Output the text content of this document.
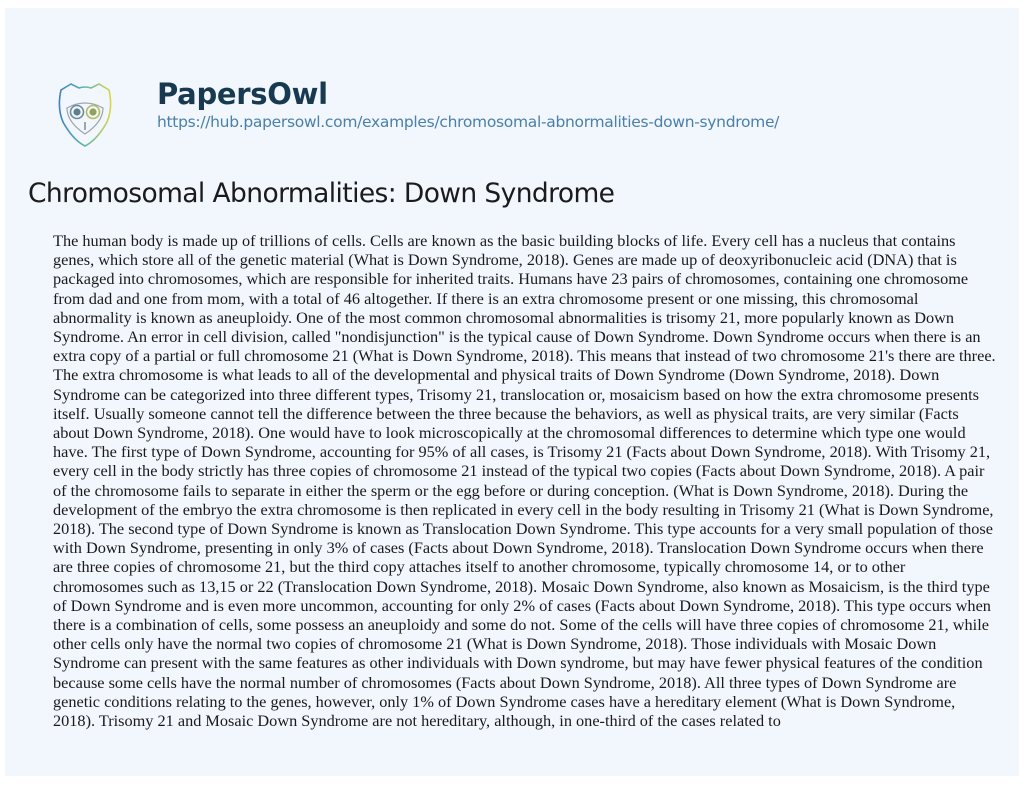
PapersOwl
https://hub.papersowl.com/examples/chromosomal-abnormalities-down-syndrome/
Chromosomal Abnormalities: Down Syndrome
The human body is made up of trillions of cells. Cells are known as the basic building blocks of life. Every cell has a nucleus that contains
genes, which store all of the genetic material (What is Down Syndrome, 2018). Genes are made up of deoxyribonucleic acid (DNA) that is
packaged into chromosomes, which are responsible for inherited traits. Humans have 23 pairs of chromosomes, containing one chromosome
from dad and one from mom, with a total of 46 altogether. If there is an extra chromosome present or one missing, this chromosomal
abnormality is known as aneuploidy. One of the most common chromosomal abnormalities is trisomy 21, more popularly known as Down
Syndrome. An error in cell division, called "nondisjunction" is the typical cause of Down Syndrome. Down Syndrome occurs when there is an
extra copy of a partial or full chromosome 21 (What is Down Syndrome, 2018). This means that instead of two chromosome 21's there are three.
The extra chromosome is what leads to all of the developmental and physical traits of Down Syndrome (Down Syndrome, 2018). Down
Syndrome can be categorized into three different types, Trisomy 21, translocation or, mosaicism based on how the extra chromosome presents
itself. Usually someone cannot tell the difference between the three because the behaviors, as well as physical traits, are very similar (Facts
about Down Syndrome, 2018). One would have to look microscopically at the chromosomal differences to determine which type one would
have. The first type of Down Syndrome, accounting for 95% of all cases, is Trisomy 21 (Facts about Down Syndrome, 2018). With Trisomy 21,
every cell in the body strictly has three copies of chromosome 21 instead of the typical two copies (Facts about Down Syndrome, 2018). A pair
of the chromosome fails to separate in either the sperm or the egg before or during conception. (What is Down Syndrome, 2018). During the
development of the embryo the extra chromosome is then replicated in every cell in the body resulting in Trisomy 21 (What is Down Syndrome,
2018). The second type of Down Syndrome is known as Translocation Down Syndrome. This type accounts for a very small population of those
with Down Syndrome, presenting in only 3% of cases (Facts about Down Syndrome, 2018). Translocation Down Syndrome occurs when there
are three copies of chromosome 21, but the third copy attaches itself to another chromosome, typically chromosome 14, or to other
chromosomes such as 13,15 or 22 (Translocation Down Syndrome, 2018). Mosaic Down Syndrome, also known as Mosaicism, is the third type
of Down Syndrome and is even more uncommon, accounting for only 2% of cases (Facts about Down Syndrome, 2018). This type occurs when
there is a combination of cells, some possess an aneuploidy and some do not. Some of the cells will have three copies of chromosome 21, while
other cells only have the normal two copies of chromosome 21 (What is Down Syndrome, 2018). Those individuals with Mosaic Down
Syndrome can present with the same features as other individuals with Down syndrome, but may have fewer physical features of the condition
because some cells have the normal number of chromosomes (Facts about Down Syndrome, 2018). All three types of Down Syndrome are
genetic conditions relating to the genes, however, only 1% of Down Syndrome cases have a hereditary element (What is Down Syndrome,
2018). Trisomy 21 and Mosaic Down Syndrome are not hereditary, although, in one-third of the cases related to
